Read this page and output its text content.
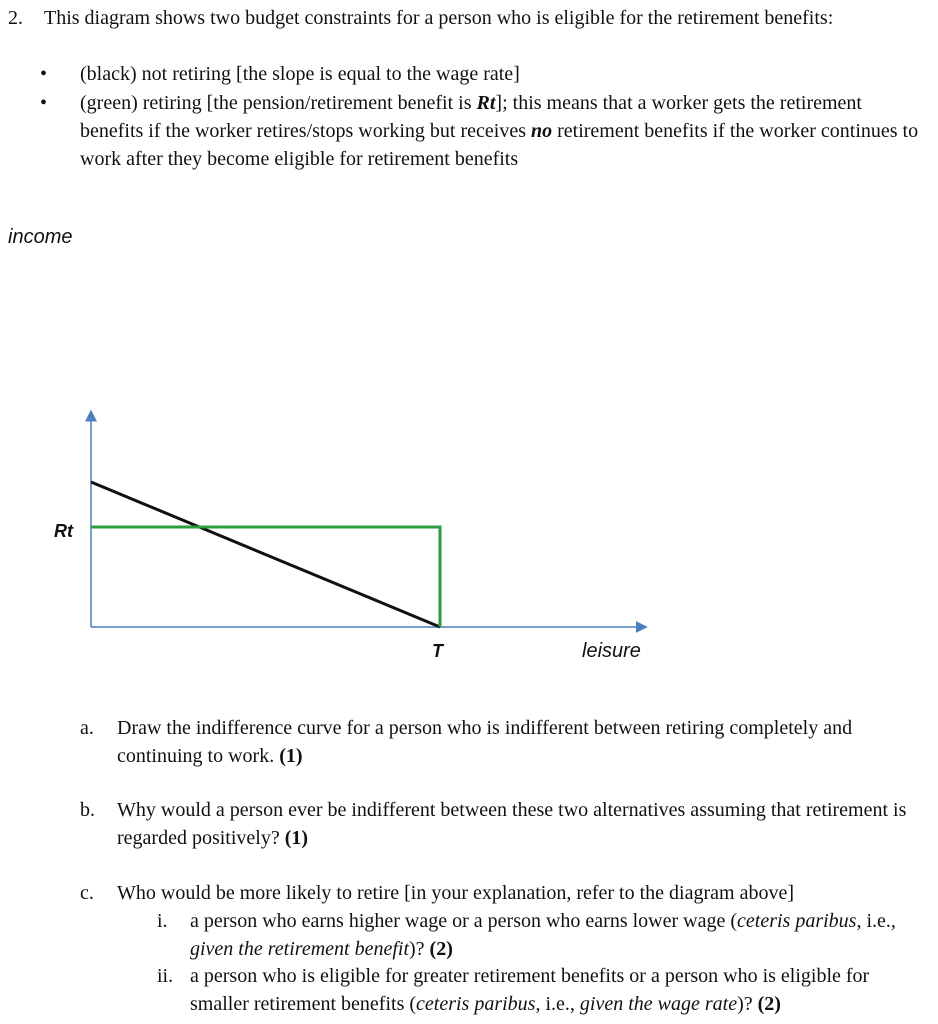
2. This diagram shows two budget constraints for a person who is eligible for the retirement benefits:
• (black) not retiring [the slope is equal to the wage rate]
• (green) retiring [the pension/retirement benefit is Rt]; this means that a worker gets the retirement benefits if the worker retires/stops working but receives no retirement benefits if the worker continues to work after they become eligible for retirement benefits
income
leisure
Rt
T
a. Draw the indifference curve for a person who is indifferent between retiring completely and continuing to work. (1)
b. Why would a person ever be indifferent between these two alternatives assuming that retirement is regarded positively? (1)
c. Who would be more likely to retire [in your explanation, refer to the diagram above]
i. a person who earns higher wage or a person who earns lower wage (ceteris paribus, i.e., given the retirement benefit)? (2)
ii. a person who is eligible for greater retirement benefits or a person who is eligible for smaller retirement benefits (ceteris paribus, i.e., given the wage rate)? (2)
